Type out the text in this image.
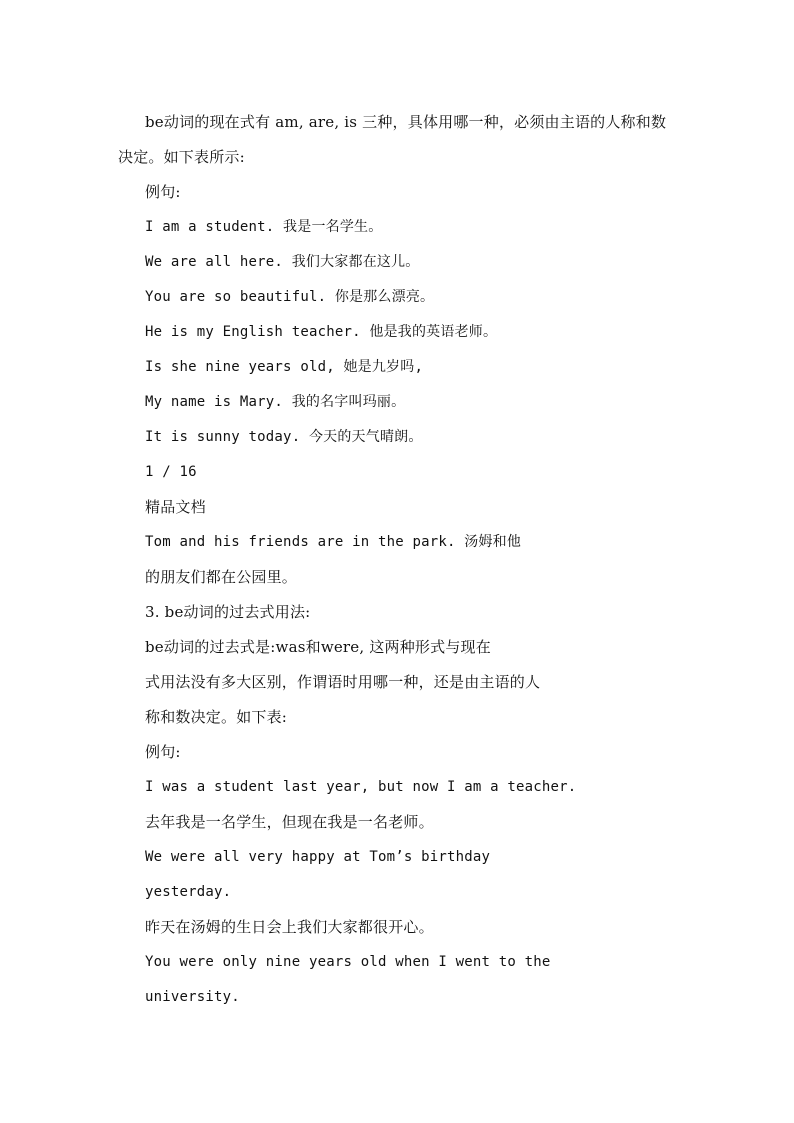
be动词的现在式有 am, are, is 三种，具体用哪一种，必须由主语的人称和数
决定。如下表所示:
例句:
I am a student. 我是一名学生。
We are all here. 我们大家都在这儿。
You are so beautiful. 你是那么漂亮。
He is my English teacher. 他是我的英语老师。
Is she nine years old, 她是九岁吗,
My name is Mary. 我的名字叫玛丽。
It is sunny today. 今天的天气晴朗。
1 / 16
精品文档
Tom and his friends are in the park. 汤姆和他
的朋友们都在公园里。
3. be动词的过去式用法:
be动词的过去式是:was和were, 这两种形式与现在
式用法没有多大区别，作谓语时用哪一种，还是由主语的人
称和数决定。如下表:
例句:
I was a student last year, but now I am a teacher.
去年我是一名学生，但现在我是一名老师。
We were all very happy at Tom’s birthday
yesterday.
昨天在汤姆的生日会上我们大家都很开心。
You were only nine years old when I went to the
university.
